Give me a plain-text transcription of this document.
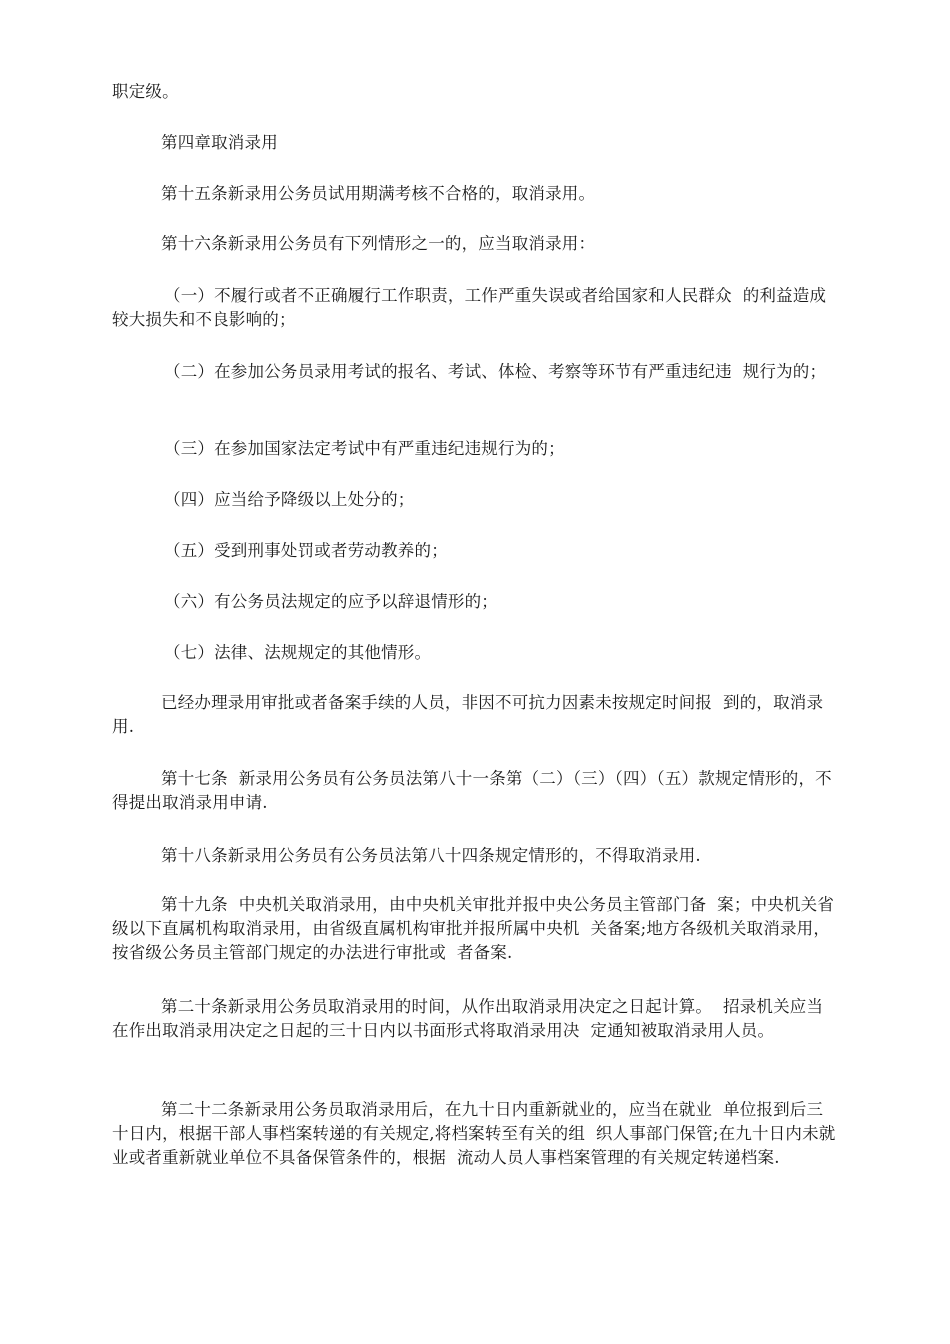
职定级。

第四章取消录用

第十五条新录用公务员试用期满考核不合格的，取消录用。

第十六条新录用公务员有下列情形之一的，应当取消录用：

（一）不履行或者不正确履行工作职责，工作严重失误或者给国家和人民群众  的利益造成较大损失和不良影响的；

（二）在参加公务员录用考试的报名、考试、体检、考察等环节有严重违纪违  规行为的；

（三）在参加国家法定考试中有严重违纪违规行为的；

（四）应当给予降级以上处分的；

（五）受到刑事处罚或者劳动教养的；

（六）有公务员法规定的应予以辞退情形的；

（七）法律、法规规定的其他情形。

已经办理录用审批或者备案手续的人员，非因不可抗力因素未按规定时间报  到的，取消录用.

第十七条  新录用公务员有公务员法第八十一条第（二）（三）（四）（五）款规定情形的，不得提出取消录用申请.

第十八条新录用公务员有公务员法第八十四条规定情形的，不得取消录用.

第十九条  中央机关取消录用，由中央机关审批并报中央公务员主管部门备  案；中央机关省级以下直属机构取消录用，由省级直属机构审批并报所属中央机  关备案;地方各级机关取消录用，按省级公务员主管部门规定的办法进行审批或  者备案.

第二十条新录用公务员取消录用的时间，从作出取消录用决定之日起计算。  招录机关应当在作出取消录用决定之日起的三十日内以书面形式将取消录用决  定通知被取消录用人员。

第二十二条新录用公务员取消录用后，在九十日内重新就业的，应当在就业  单位报到后三十日内，根据干部人事档案转递的有关规定,将档案转至有关的组  织人事部门保管;在九十日内未就业或者重新就业单位不具备保管条件的，根据  流动人员人事档案管理的有关规定转递档案.
